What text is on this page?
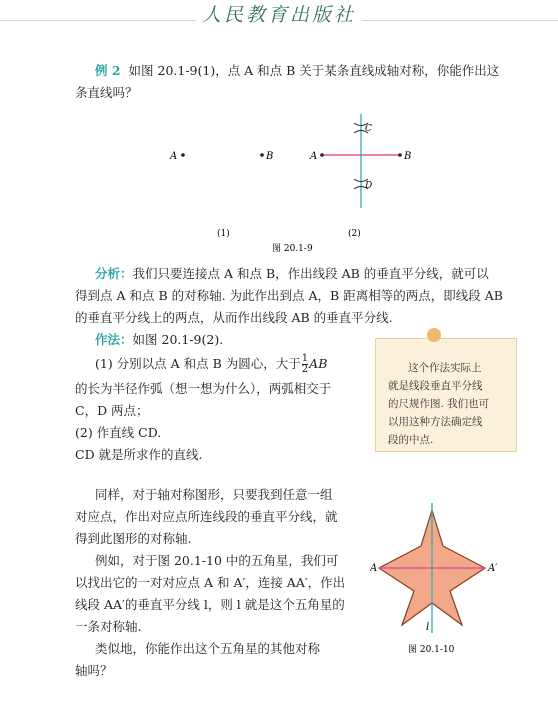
人民教育出版社
例 2 如图 20.1-9(1)，点 A 和点 B 关于某条直线成轴对称，你能作出这
条直线吗？
A	B	A	B
C
D
(1)	(2)
图 20.1-9
分析：我们只要连接点 A 和点 B，作出线段 AB 的垂直平分线，就可以
得到点 A 和点 B 的对称轴. 为此作出到点 A，B 距离相等的两点，即线段 AB
的垂直平分线上的两点，从而作出线段 AB 的垂直平分线.
作法：如图 20.1-9(2).
(1) 分别以点 A 和点 B 为圆心，大于 $\frac{1}{2}$ AB
的长为半径作弧（想一想为什么），两弧相交于
C，D 两点；
(2) 作直线 CD.
CD 就是所求作的直线.
这个作法实际上
就是线段垂直平分线
的尺规作图. 我们也可
以用这种方法确定线
段的中点.
同样，对于轴对称图形，只要我到任意一组
对应点，作出对应点所连线段的垂直平分线，就
得到此图形的对称轴.
例如，对于图 20.1-10 中的五角星，我们可
以找出它的一对对应点 A 和 A′，连接 AA′，作出
线段 AA′的垂直平分线 l，则 l 就是这个五角星的
一条对称轴.
类似地，你能作出这个五角星的其他对称
轴吗？
A	A′
l
图 20.1-10
